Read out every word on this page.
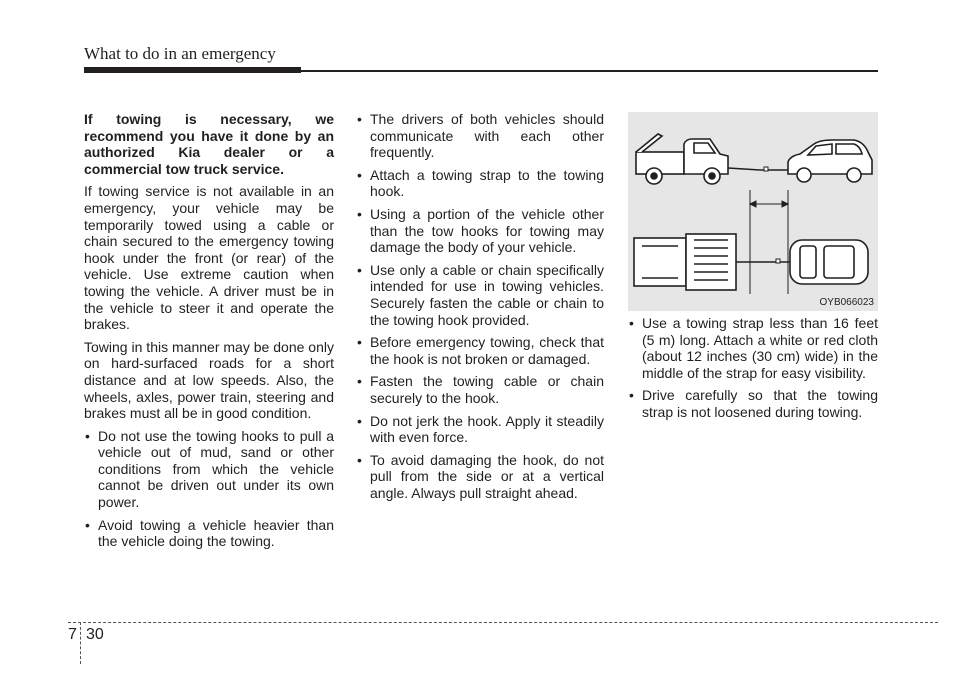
What to do in an emergency

If towing is necessary, we recommend you have it done by an authorized Kia dealer or a commercial tow truck service.

If towing service is not available in an emergency, your vehicle may be temporarily towed using a cable or chain secured to the emergency towing hook under the front (or rear) of the vehicle. Use extreme caution when towing the vehicle. A driver must be in the vehicle to steer it and operate the brakes.

Towing in this manner may be done only on hard-surfaced roads for a short distance and at low speeds. Also, the wheels, axles, power train, steering and brakes must all be in good condition.

• Do not use the towing hooks to pull a vehicle out of mud, sand or other conditions from which the vehicle cannot be driven out under its own power.
• Avoid towing a vehicle heavier than the vehicle doing the towing.
• The drivers of both vehicles should communicate with each other frequently.
• Attach a towing strap to the towing hook.
• Using a portion of the vehicle other than the tow hooks for towing may damage the body of your vehicle.
• Use only a cable or chain specifically intended for use in towing vehicles. Securely fasten the cable or chain to the towing hook provided.
• Before emergency towing, check that the hook is not broken or damaged.
• Fasten the towing cable or chain securely to the hook.
• Do not jerk the hook. Apply it steadily with even force.
• To avoid damaging the hook, do not pull from the side or at a vertical angle. Always pull straight ahead.
OYB066023
• Use a towing strap less than 16 feet (5 m) long. Attach a white or red cloth (about 12 inches (30 cm) wide) in the middle of the strap for easy visibility.
• Drive carefully so that the towing strap is not loosened during towing.
7 30
